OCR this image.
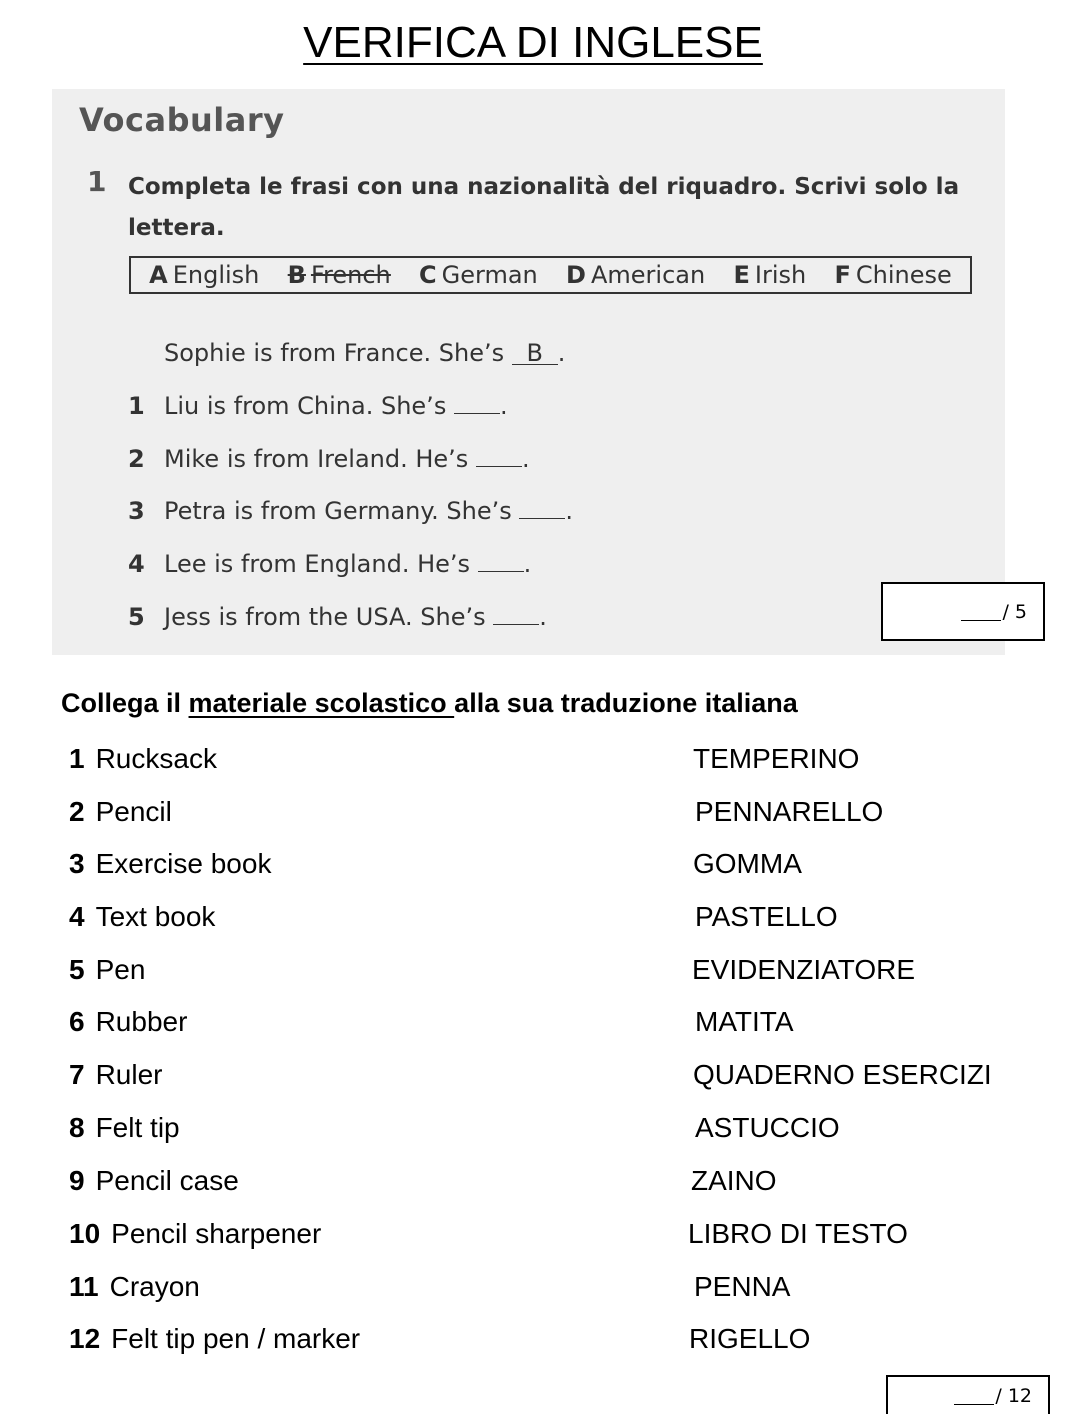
VERIFICA DI INGLESE
Vocabulary
1 Completa le frasi con una nazionalità del riquadro. Scrivi solo la lettera.
A English B French C German D American E Irish F Chinese
Sophie is from France. She’s B .
1 Liu is from China. She’s .
2 Mike is from Ireland. He’s .
3 Petra is from Germany. She’s .
4 Lee is from England. He’s .
5 Jess is from the USA. She’s .	/ 5
Collega il materiale scolastico alla sua traduzione italiana
1 Rucksack
2 Pencil
3 Exercise book
4 Text book
5 Pen
6 Rubber
7 Ruler
8 Felt tip
9 Pencil case
10 Pencil sharpener
11 Crayon
12 Felt tip pen / marker
TEMPERINO
PENNARELLO
GOMMA
PASTELLO
EVIDENZIATORE
MATITA
QUADERNO ESERCIZI
ASTUCCIO
ZAINO
LIBRO DI TESTO
PENNA
RIGELLO
/ 12
